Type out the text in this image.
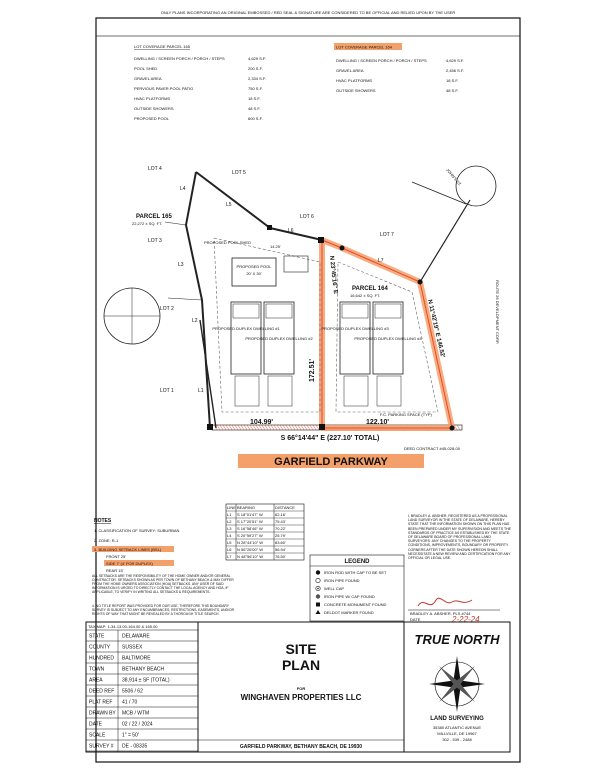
ONLY PLANS INCORPORATING AN ORIGINAL EMBOSSED / RED SEAL & SIGNATURE ARE CONSIDERED TO BE OFFICIAL AND RELIED UPON BY THE USER
LOT COVERAGE PARCEL 165
DWELLING / SCREEN PORCH / PORCH / STEPS	4,629 S.F.
POOL SHED	200 S.F.
GRAVEL AREA	2,334 S.F.
PERVIOUS PAVER POOL PATIO	750 S.F.
HVAC PLATFORMS	18 S.F.
OUTSIDE SHOWERS	48 S.F.
PROPOSED POOL	600 S.F.
LOT COVERAGE PARCEL 164
DWELLING / SCREEN PORCH / PORCH / STEPS	4,629 S.F.
GRAVEL AREA	2,456 S.F.
HVAC PLATFORMS	18 S.F.
OUTSIDE SHOWERS	48 S.F.
PROPOSED POOL
20' X 30'
PROPOSED POOL SHED
PROPOSED DUPLEX DWELLING #1
PROPOSED DUPLEX DWELLING #2
PROPOSED DUPLEX DWELLING #3
PROPOSED DUPLEX DWELLING #4
LOT 4
LOT 5
LOT 3
LOT 2
LOT 1
LOT 6
LOT 7
L4
L5
L3
L2
L1
L6
L7
PARCEL 165
22,272 ± SQ. FT.
PARCEL 164
16,642 ± SQ. FT.
N 11°42'19" E 146.52'
N 23°45'16" E
172.51'
104.99'	122.10'
S 66°14'44" E (227.10' TOTAL)
14.25'
F.C. PARKING SPACE (TYP)
DEED CONTRACT #45-028-00
ROUTE 26 DEVELOPMENT CORP.
JOHN'S ST.
GARFIELD PARKWAY
NOTES
1. CLASSIFICATION OF SURVEY: SUBURBAN
2. ZONE: R-1
3. BUILDING SETBACK LINES (BSL)
FRONT 25'
SIDE 7' (4' FOR DUPLEX)
REAR 15'
ALL SETBACKS ARE THE RESPONSIBILITY OF THE HOME OWNER AND/OR GENERAL CONTRACTOR. SETBACKS SHOWN AS PER TOWN OF BETHANY BEACH & MAY DIFFER FROM THE HOME OWNERS ASSOCIATION (HOA) SETBACKS. ANY USER OF SAID INFORMATION IS URGED TO DIRECTLY CONTACT THE LOCAL AGENCY AND HOA, IF APPLICABLE, TO VERIFY IN WRITING ALL SETBACKS & REQUIREMENTS.
4. NO TITLE REPORT WAS PROVIDED FOR OUR USE, THEREFORE THIS BOUNDARY SURVEY IS SUBJECT TO ANY ENCUMBRANCES, RESTRICTIONS, EASEMENTS, AND/OR RIGHTS OF WAY THAT MIGHT BE REVEALED BY A THOROUGH TITLE SEARCH.
LINE BEARING	DISTANCE
L1 S 18°01'47" W	62.16'
L2 S 17°20'51" W	75.43'
L3 S 16°58'46" W	70.22'
L4 S 20°59'27" W	25.79'
L5 N 28°44'10" W	83.60'
L6 N 56°26'00" W	56.94'
L7 N 48°56'10" W	76.50'
LEGEND
IRON ROD WITH CAP TO BE SET
IRON PIPE FOUND
WELL CAP
IRON PIPE W/ CAP FOUND
CONCRETE MONUMENT FOUND
DELDOT MARKER FOUND
I, BRADLEY A. ABSHER, REGISTERED AS A PROFESSIONAL LAND SURVEYOR IN THE STATE OF DELAWARE, HEREBY STATE THAT THE INFORMATION SHOWN ON THIS PLAN HAS BEEN PREPARED UNDER MY SUPERVISION AND MEETS THE STANDARDS OF PRACTICE AS ESTABLISHED BY THE STATE OF DELAWARE BOARD OF PROFESSIONAL LAND SURVEYORS. ANY CHANGES TO THE PROPERTY CONDITIONS, IMPROVEMENTS, BOUNDARY OR PROPERTY CORNERS AFTER THE DATE SHOWN HEREON SHALL NECESSITATE A NEW REVIEW AND CERTIFICATION FOR ANY OFFICIAL OR LEGAL USE.
BRADLEY A. ABSHER, PLS #744
DATE	2-22-24
TAX MAP: 1-34-13.00-164.00 & 165.00
STATE	DELAWARE
COUNTY SUSSEX
HUNDRED BALTIMORE
TOWN	BETHANY BEACH
AREA	38,914 ± SF (TOTAL)
DEED REF 5506 / 62
PLAT REF 41 / 70
DRAWN BY MCB / WTM
DATE	02 / 22 / 2024
SCALE	1" = 50'
SURVEY # DE - 08335
SITE
PLAN
FOR
WINGHAVEN PROPERTIES LLC
GARFIELD PARKWAY, BETHANY BEACH, DE 19930
TRUE NORTH
LAND SURVEYING
35380 ATLANTIC AVENUE
MILLVILLE, DE 19967
302 - 539 - 2488
